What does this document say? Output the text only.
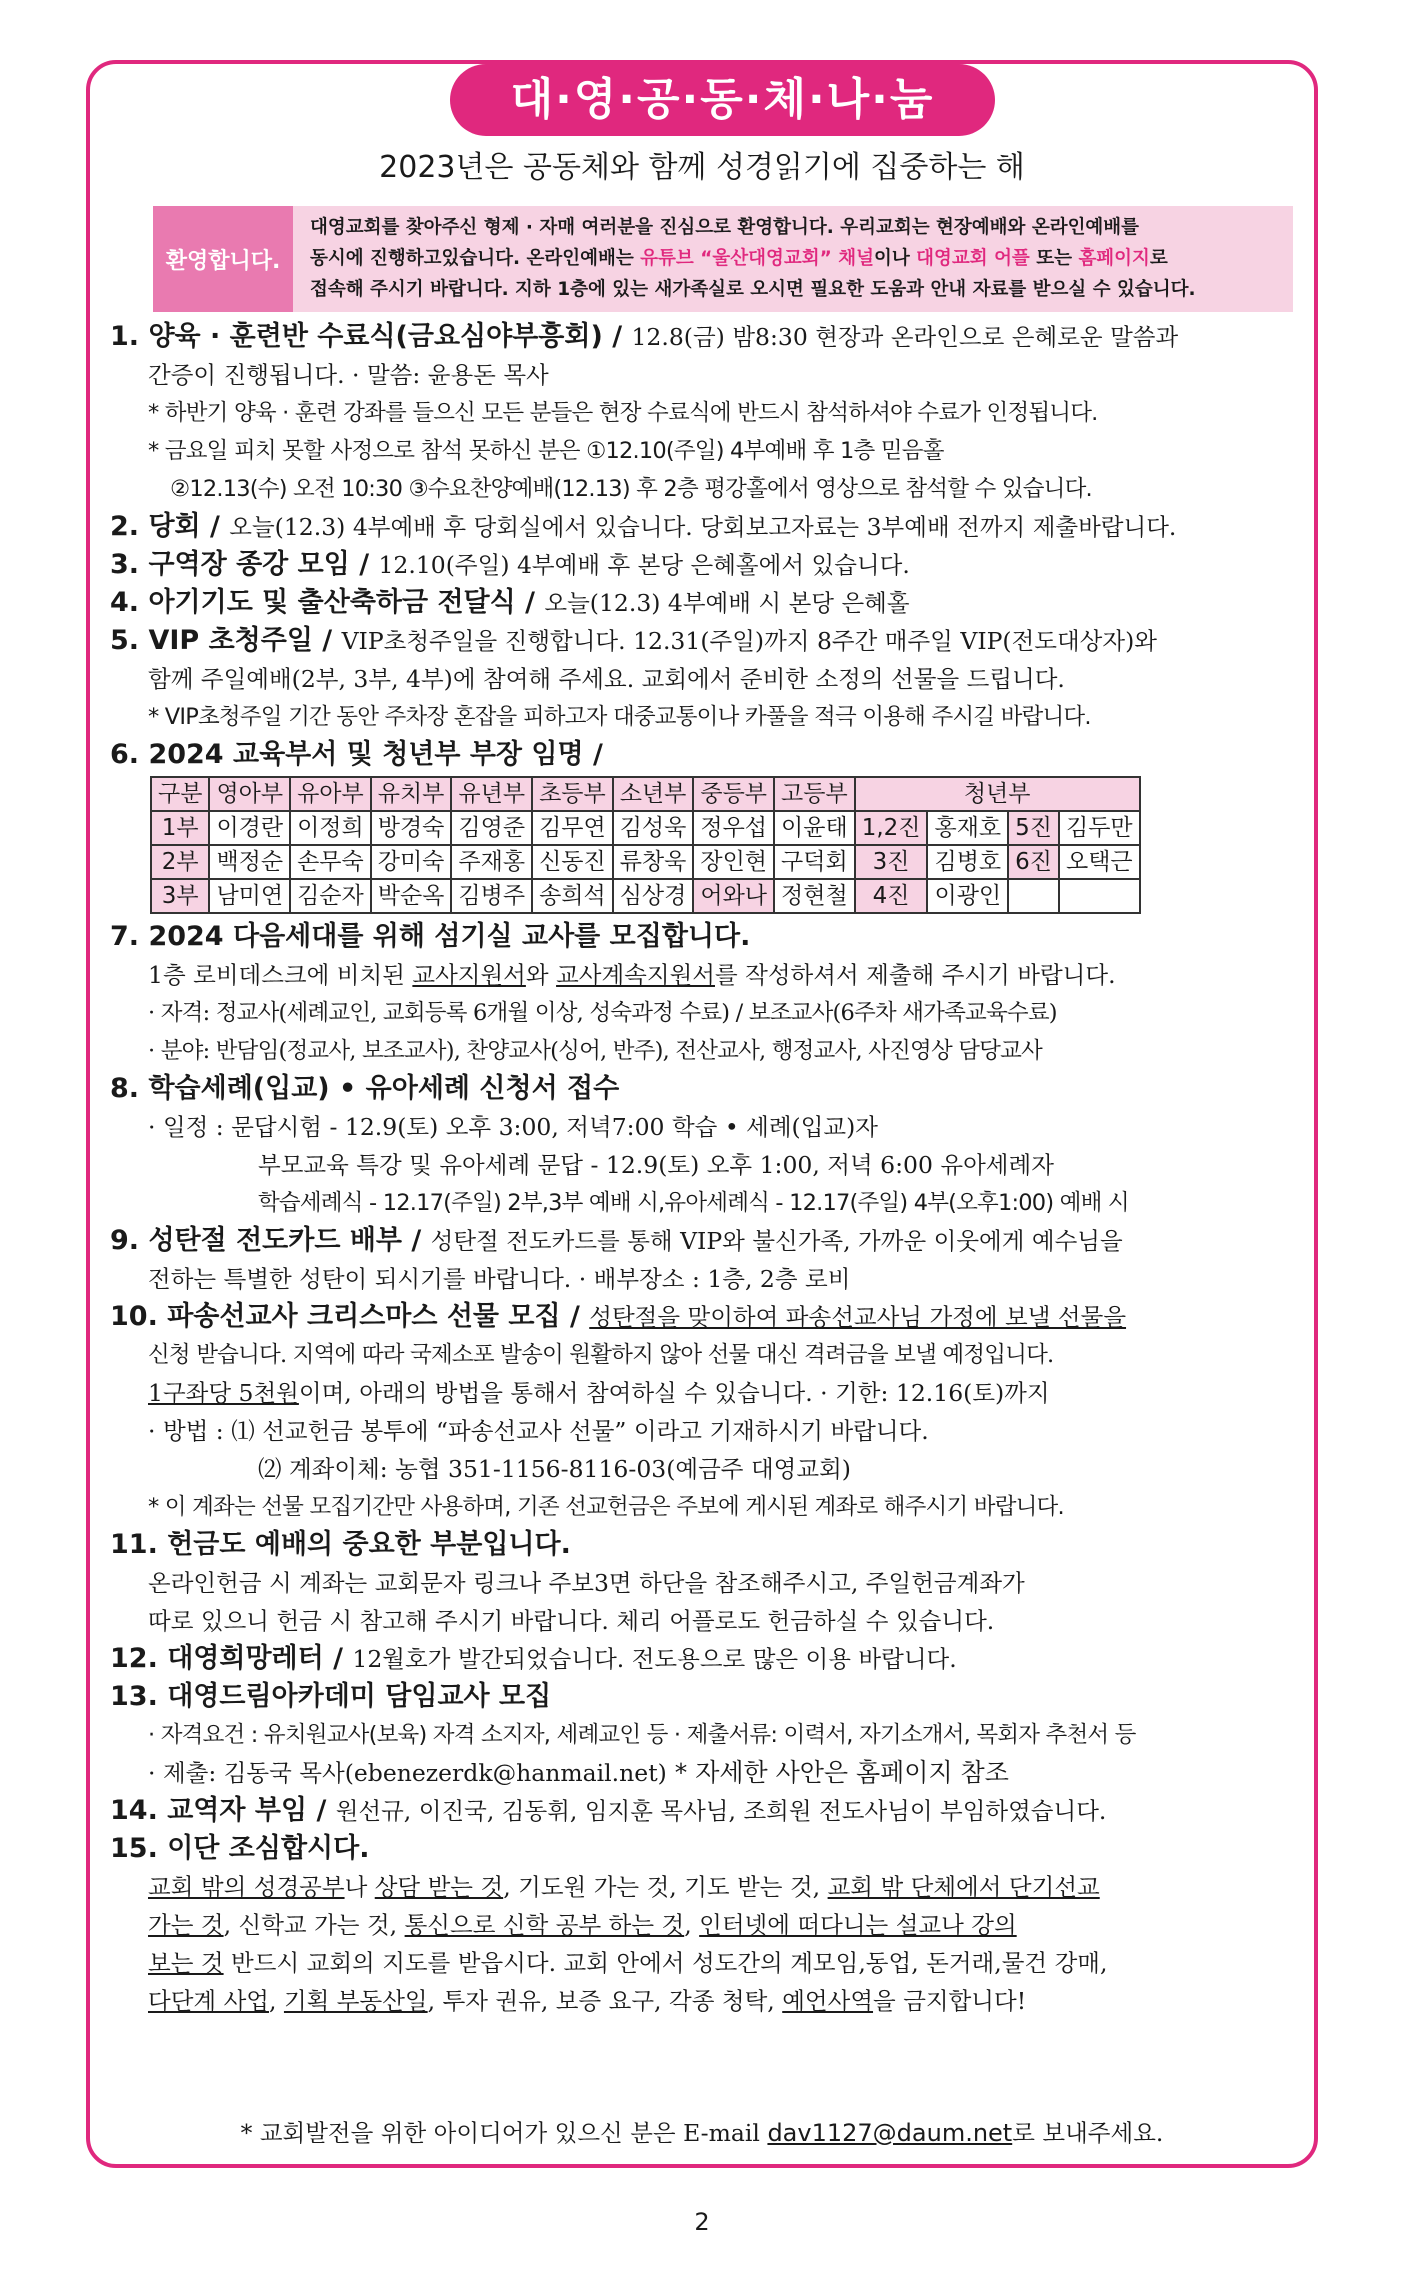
대·영·공·동·체·나·눔
2023년은 공동체와 함께 성경읽기에 집중하는 해
환영합니다.
대영교회를 찾아주신 형제 · 자매 여러분을 진심으로 환영합니다. 우리교회는 현장예배와 온라인예배를
동시에 진행하고있습니다. 온라인예배는 유튜브 “울산대영교회” 채널이나 대영교회 어플 또는 홈페이지로
접속해 주시기 바랍니다. 지하 1층에 있는 새가족실로 오시면 필요한 도움과 안내 자료를 받으실 수 있습니다.
1. 양육 · 훈련반 수료식(금요심야부흥회) / 12.8(금) 밤8:30 현장과 온라인으로 은혜로운 말씀과
간증이 진행됩니다. · 말씀: 윤용돈 목사
* 하반기 양육 · 훈련 강좌를 들으신 모든 분들은 현장 수료식에 반드시 참석하셔야 수료가 인정됩니다.
* 금요일 피치 못할 사정으로 참석 못하신 분은 ①12.10(주일) 4부예배 후 1층 믿음홀
②12.13(수) 오전 10:30 ③수요찬양예배(12.13) 후 2층 평강홀에서 영상으로 참석할 수 있습니다.
2. 당회 / 오늘(12.3) 4부예배 후 당회실에서 있습니다. 당회보고자료는 3부예배 전까지 제출바랍니다.
3. 구역장 종강 모임 / 12.10(주일) 4부예배 후 본당 은혜홀에서 있습니다.
4. 아기기도 및 출산축하금 전달식 / 오늘(12.3) 4부예배 시 본당 은혜홀
5. VIP 초청주일 / VIP초청주일을 진행합니다. 12.31(주일)까지 8주간 매주일 VIP(전도대상자)와
함께 주일예배(2부, 3부, 4부)에 참여해 주세요. 교회에서 준비한 소정의 선물을 드립니다.
* VIP초청주일 기간 동안 주차장 혼잡을 피하고자 대중교통이나 카풀을 적극 이용해 주시길 바랍니다.
6. 2024 교육부서 및 청년부 부장 임명 /
구분	영아부	유아부	유치부	유년부	초등부	소년부	중등부	고등부	청년부			
1부	이경란	이정희	방경숙	김영준	김무연	김성욱	정우섭	이윤태	1,2진	홍재호	5진	김두만
2부	백정순	손무숙	강미숙	주재홍	신동진	류창욱	장인현	구덕회	3진	김병호	6진	오택근
3부	남미연	김순자	박순옥	김병주	송희석	심상경	어와나	정현철	4진	이광인		
7. 2024 다음세대를 위해 섬기실 교사를 모집합니다.
1층 로비데스크에 비치된 교사지원서와 교사계속지원서를 작성하셔서 제출해 주시기 바랍니다.
· 자격: 정교사(세례교인, 교회등록 6개월 이상, 성숙과정 수료) / 보조교사(6주차 새가족교육수료)
· 분야: 반담임(정교사, 보조교사), 찬양교사(싱어, 반주), 전산교사, 행정교사, 사진영상 담당교사
8. 학습세례(입교) • 유아세례 신청서 접수
· 일정 : 문답시험 - 12.9(토) 오후 3:00, 저녁7:00 학습 • 세례(입교)자
부모교육 특강 및 유아세례 문답 - 12.9(토) 오후 1:00, 저녁 6:00 유아세례자
학습세례식 - 12.17(주일) 2부,3부 예배 시,유아세례식 - 12.17(주일) 4부(오후1:00) 예배 시
9. 성탄절 전도카드 배부 / 성탄절 전도카드를 통해 VIP와 불신가족, 가까운 이웃에게 예수님을
전하는 특별한 성탄이 되시기를 바랍니다. · 배부장소 : 1층, 2층 로비
10. 파송선교사 크리스마스 선물 모집 / 성탄절을 맞이하여 파송선교사님 가정에 보낼 선물을
신청 받습니다. 지역에 따라 국제소포 발송이 원활하지 않아 선물 대신 격려금을 보낼 예정입니다.
1구좌당 5천원이며, 아래의 방법을 통해서 참여하실 수 있습니다. · 기한: 12.16(토)까지
· 방법 : ⑴ 선교헌금 봉투에 “파송선교사 선물” 이라고 기재하시기 바랍니다.
⑵ 계좌이체: 농협 351-1156-8116-03(예금주 대영교회)
* 이 계좌는 선물 모집기간만 사용하며, 기존 선교헌금은 주보에 게시된 계좌로 해주시기 바랍니다.
11. 헌금도 예배의 중요한 부분입니다.
온라인헌금 시 계좌는 교회문자 링크나 주보3면 하단을 참조해주시고, 주일헌금계좌가
따로 있으니 헌금 시 참고해 주시기 바랍니다. 체리 어플로도 헌금하실 수 있습니다.
12. 대영희망레터 / 12월호가 발간되었습니다. 전도용으로 많은 이용 바랍니다.
13. 대영드림아카데미 담임교사 모집
· 자격요건 : 유치원교사(보육) 자격 소지자, 세례교인 등 · 제출서류: 이력서, 자기소개서, 목회자 추천서 등
· 제출: 김동국 목사(ebenezerdk@hanmail.net) * 자세한 사안은 홈페이지 참조
14. 교역자 부임 / 원선규, 이진국, 김동휘, 임지훈 목사님, 조희원 전도사님이 부임하였습니다.
15. 이단 조심합시다.
교회 밖의 성경공부나 상담 받는 것, 기도원 가는 것, 기도 받는 것, 교회 밖 단체에서 단기선교
가는 것, 신학교 가는 것, 통신으로 신학 공부 하는 것, 인터넷에 떠다니는 설교나 강의
보는 것 반드시 교회의 지도를 받읍시다. 교회 안에서 성도간의 계모임,동업, 돈거래,물건 강매,
다단계 사업, 기획 부동산일, 투자 권유, 보증 요구, 각종 청탁, 예언사역을 금지합니다!
* 교회발전을 위한 아이디어가 있으신 분은 E-mail dav1127@daum.net로 보내주세요.
2
